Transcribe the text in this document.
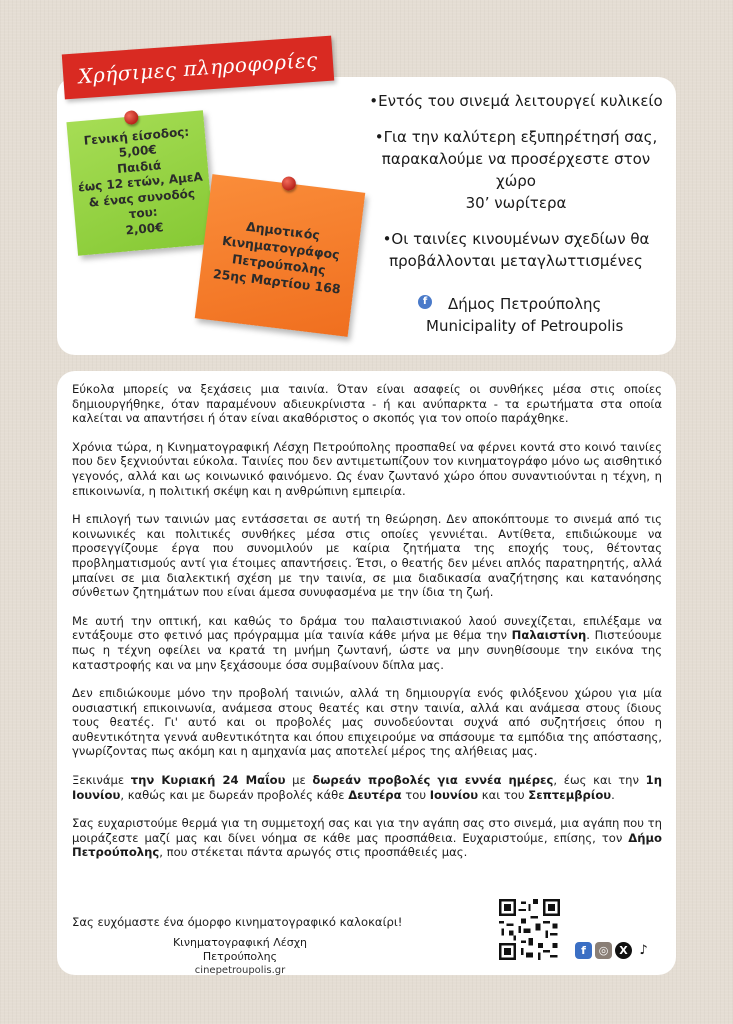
Χρήσιμες πληροφορίες
Γενική είσοδος:
5,00€
Παιδιά
έως 12 ετών, ΑμεΑ
& ένας συνοδός του:
2,00€	Δημοτικός
Κινηματογράφος
Πετρούπολης
25ης Μαρτίου 168
•Εντός του σινεμά λειτουργεί κυλικείο
•Για την καλύτερη εξυπηρέτησή σας,
παρακαλούμε να προσέρχεστε στον χώρο
30’ νωρίτερα
•Οι ταινίες κινουμένων σχεδίων θα
προβάλλονται μεταγλωττισμένες
f	Δήμος Πετρούπολης
Municipality of Petroupolis

Εύκολα μπορείς να ξεχάσεις μια ταινία. Όταν είναι ασαφείς οι συνθήκες μέσα στις οποίες δημιουργήθηκε, όταν παραμένουν αδιευκρίνιστα - ή και ανύπαρκτα - τα ερωτήματα στα οποία καλείται να απαντήσει ή όταν είναι ακαθόριστος ο σκοπός για τον οποίο παράχθηκε.

Χρόνια τώρα, η Κινηματογραφική Λέσχη Πετρούπολης προσπαθεί να φέρνει κοντά στο κοινό ταινίες που δεν ξεχνιούνται εύκολα. Ταινίες που δεν αντιμετωπίζουν τον κινηματογράφο μόνο ως αισθητικό γεγονός, αλλά και ως κοινωνικό φαινόμενο. Ως έναν ζωντανό χώρο όπου συναντιούνται η τέχνη, η επικοινωνία, η πολιτική σκέψη και η ανθρώπινη εμπειρία.

Η επιλογή των ταινιών μας εντάσσεται σε αυτή τη θεώρηση. Δεν αποκόπτουμε το σινεμά από τις κοινωνικές και πολιτικές συνθήκες μέσα στις οποίες γεννιέται. Αντίθετα, επιδιώκουμε να προσεγγίζουμε έργα που συνομιλούν με καίρια ζητήματα της εποχής τους, θέτοντας προβληματισμούς αντί για έτοιμες απαντήσεις. Έτσι, ο θεατής δεν μένει απλός παρατηρητής, αλλά μπαίνει σε μια διαλεκτική σχέση με την ταινία, σε μια διαδικασία αναζήτησης και κατανόησης σύνθετων ζητημάτων που είναι άμεσα συνυφασμένα με την ίδια τη ζωή.

Με αυτή την οπτική, και καθώς το δράμα του παλαιστινιακού λαού συνεχίζεται, επιλέξαμε να εντάξουμε στο φετινό μας πρόγραμμα μία ταινία κάθε μήνα με θέμα την Παλαιστίνη. Πιστεύουμε πως η τέχνη οφείλει να κρατά τη μνήμη ζωντανή, ώστε να μην συνηθίσουμε την εικόνα της καταστροφής και να μην ξεχάσουμε όσα συμβαίνουν δίπλα μας.

Δεν επιδιώκουμε μόνο την προβολή ταινιών, αλλά τη δημιουργία ενός φιλόξενου χώρου για μία ουσιαστική επικοινωνία, ανάμεσα στους θεατές και στην ταινία, αλλά και ανάμεσα στους ίδιους τους θεατές. Γι' αυτό και οι προβολές μας συνοδεύονται συχνά από συζητήσεις όπου η αυθεντικότητα γεννά αυθεντικότητα και όπου επιχειρούμε να σπάσουμε τα εμπόδια της απόστασης, γνωρίζοντας πως ακόμη και η αμηχανία μας αποτελεί μέρος της αλήθειας μας.

Ξεκινάμε την Κυριακή 24 Μαΐου με δωρεάν προβολές για εννέα ημέρες, έως και την 1η Ιουνίου, καθώς και με δωρεάν προβολές κάθε Δευτέρα του Ιουνίου και του Σεπτεμβρίου.

Σας ευχαριστούμε θερμά για τη συμμετοχή σας και για την αγάπη σας στο σινεμά, μια αγάπη που τη μοιράζεστε μαζί μας και δίνει νόημα σε κάθε μας προσπάθεια. Ευχαριστούμε, επίσης, τον Δήμο Πετρούπολης, που στέκεται πάντα αρωγός στις προσπάθειές μας.

Σας ευχόμαστε ένα όμορφο κινηματογραφικό καλοκαίρι!
Κινηματογραφική Λέσχη Πετρούπολης
cinepetroupolis.gr
f	◎ X ♪
